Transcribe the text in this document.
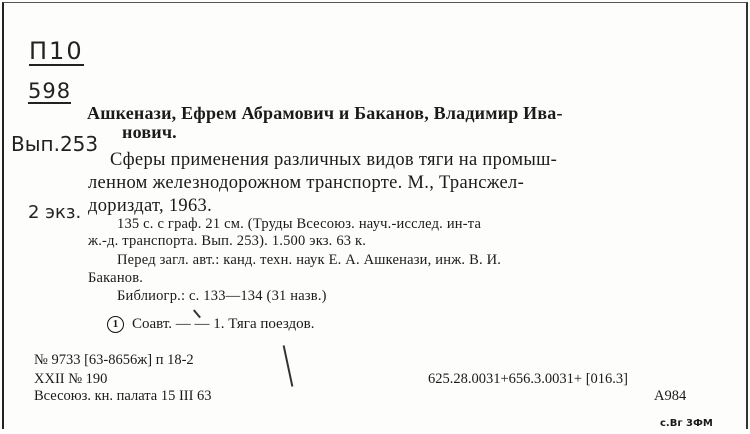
П10
598
Вып.253
2 экз.
Ашкенази, Ефрем Абрамович и Баканов, Владимир Ива-
нович.
Сферы применения различных видов тяги на промыш-
ленном железнодорожном транспорте. М., Трансжел-
дориздат, 1963.
135 с. с граф. 21 см. (Труды Всесоюз. науч.-исслед. ин-та
ж.-д. транспорта. Вып. 253). 1.500 экз. 63 к.
Перед загл. авт.: канд. техн. наук Е. А. Ашкенази, инж. В. И.
Баканов.
Библиогр.: с. 133—134 (31 назв.)
1 Соавт. — — 1. Тяга поездов.
№ 9733 [63-8656ж] п 18-2
XXII № 190
Всесоюз. кн. палата 15 III 63
625.28.0031+656.3.0031+ [016.3]
А984
с.Вг 3ФМ
